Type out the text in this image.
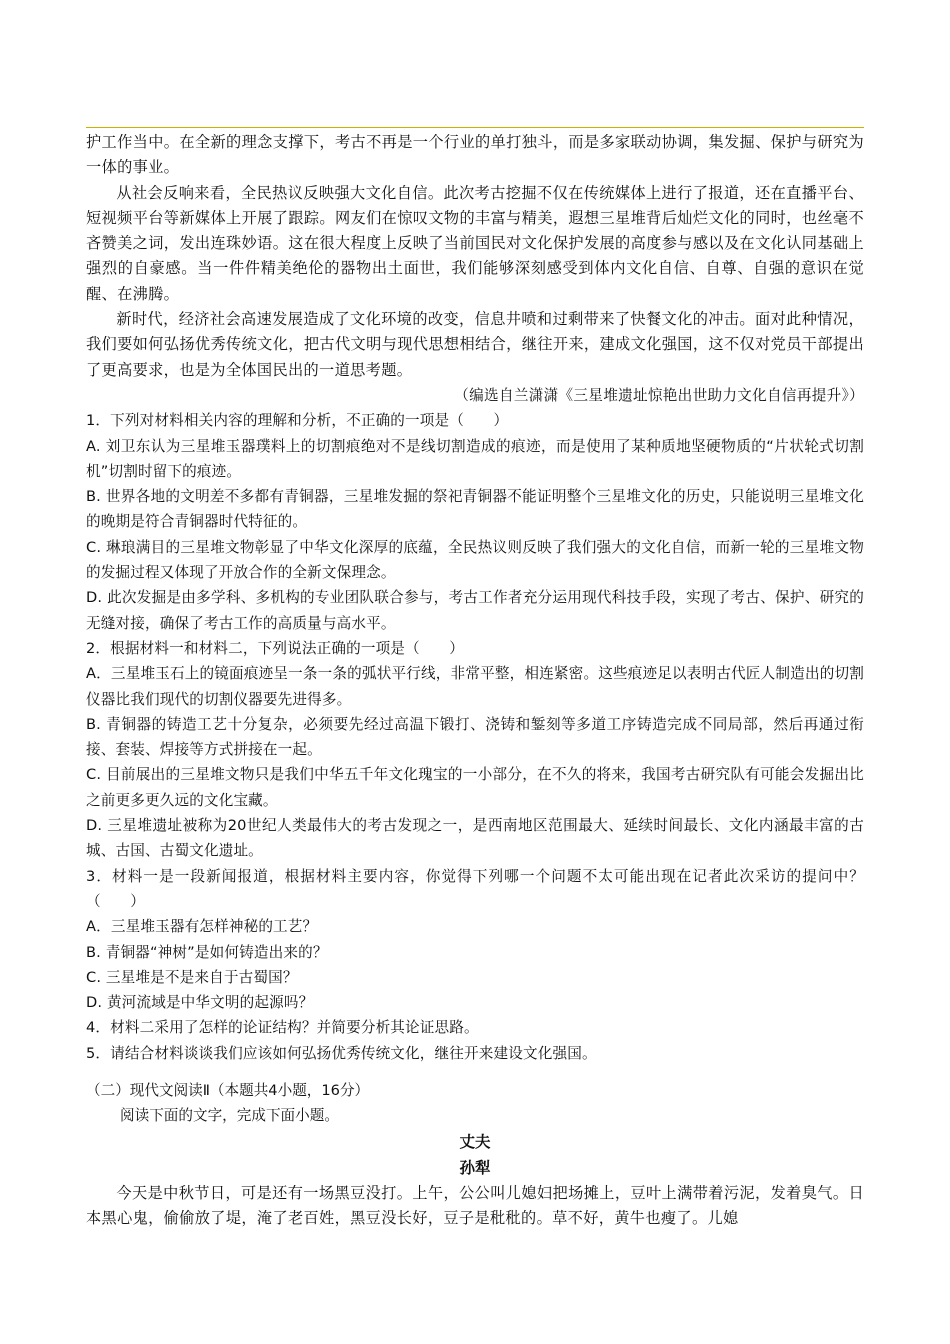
护工作当中。在全新的理念支撑下，考古不再是一个行业的单打独斗，而是多家联动协调，集发掘、保护与研究为一体的事业。

从社会反响来看，全民热议反映强大文化自信。此次考古挖掘不仅在传统媒体上进行了报道，还在直播平台、短视频平台等新媒体上开展了跟踪。网友们在惊叹文物的丰富与精美，遐想三星堆背后灿烂文化的同时，也丝毫不吝赞美之词，发出连珠妙语。这在很大程度上反映了当前国民对文化保护发展的高度参与感以及在文化认同基础上强烈的自豪感。当一件件精美绝伦的器物出土面世，我们能够深刻感受到体内文化自信、自尊、自强的意识在觉醒、在沸腾。

新时代，经济社会高速发展造成了文化环境的改变，信息井喷和过剩带来了快餐文化的冲击。面对此种情况，我们要如何弘扬优秀传统文化，把古代文明与现代思想相结合，继往开来，建成文化强国，这不仅对党员干部提出了更高要求，也是为全体国民出的一道思考题。

（编选自兰潇潇《三星堆遗址惊艳出世助力文化自信再提升》）

1．下列对材料相关内容的理解和分析，不正确的一项是（　　）

A. 刘卫东认为三星堆玉器璞料上的切割痕绝对不是线切割造成的痕迹，而是使用了某种质地坚硬物质的“片状轮式切割机”切割时留下的痕迹。

B. 世界各地的文明差不多都有青铜器，三星堆发掘的祭祀青铜器不能证明整个三星堆文化的历史，只能说明三星堆文化的晚期是符合青铜器时代特征的。

C. 琳琅满目的三星堆文物彰显了中华文化深厚的底蕴，全民热议则反映了我们强大的文化自信，而新一轮的三星堆文物的发掘过程又体现了开放合作的全新文保理念。

D. 此次发掘是由多学科、多机构的专业团队联合参与，考古工作者充分运用现代科技手段，实现了考古、保护、研究的无缝对接，确保了考古工作的高质量与高水平。

2．根据材料一和材料二，下列说法正确的一项是（　　）

A．三星堆玉石上的镜面痕迹呈一条一条的弧状平行线，非常平整，相连紧密。这些痕迹足以表明古代匠人制造出的切割仪器比我们现代的切割仪器要先进得多。

B. 青铜器的铸造工艺十分复杂，必须要先经过高温下锻打、浇铸和錾刻等多道工序铸造完成不同局部，然后再通过衔接、套装、焊接等方式拼接在一起。

C. 目前展出的三星堆文物只是我们中华五千年文化瑰宝的一小部分，在不久的将来，我国考古研究队有可能会发掘出比之前更多更久远的文化宝藏。

D. 三星堆遗址被称为20世纪人类最伟大的考古发现之一，是西南地区范围最大、延续时间最长、文化内涵最丰富的古城、古国、古蜀文化遗址。

3．材料一是一段新闻报道，根据材料主要内容，你觉得下列哪一个问题不太可能出现在记者此次采访的提问中？（　　）

A．三星堆玉器有怎样神秘的工艺？

B. 青铜器“神树”是如何铸造出来的？

C. 三星堆是不是来自于古蜀国？

D. 黄河流域是中华文明的起源吗？

4．材料二采用了怎样的论证结构？并简要分析其论证思路。

5．请结合材料谈谈我们应该如何弘扬优秀传统文化，继往开来建设文化强国。

（二）现代文阅读Ⅱ（本题共4小题，16分）

阅读下面的文字，完成下面小题。

丈夫

孙犁

今天是中秋节日，可是还有一场黑豆没打。上午，公公叫儿媳妇把场摊上，豆叶上满带着污泥，发着臭气。日本黑心鬼，偷偷放了堤，淹了老百姓，黑豆没长好，豆子是秕秕的。草不好，黄牛也瘦了。儿媳
